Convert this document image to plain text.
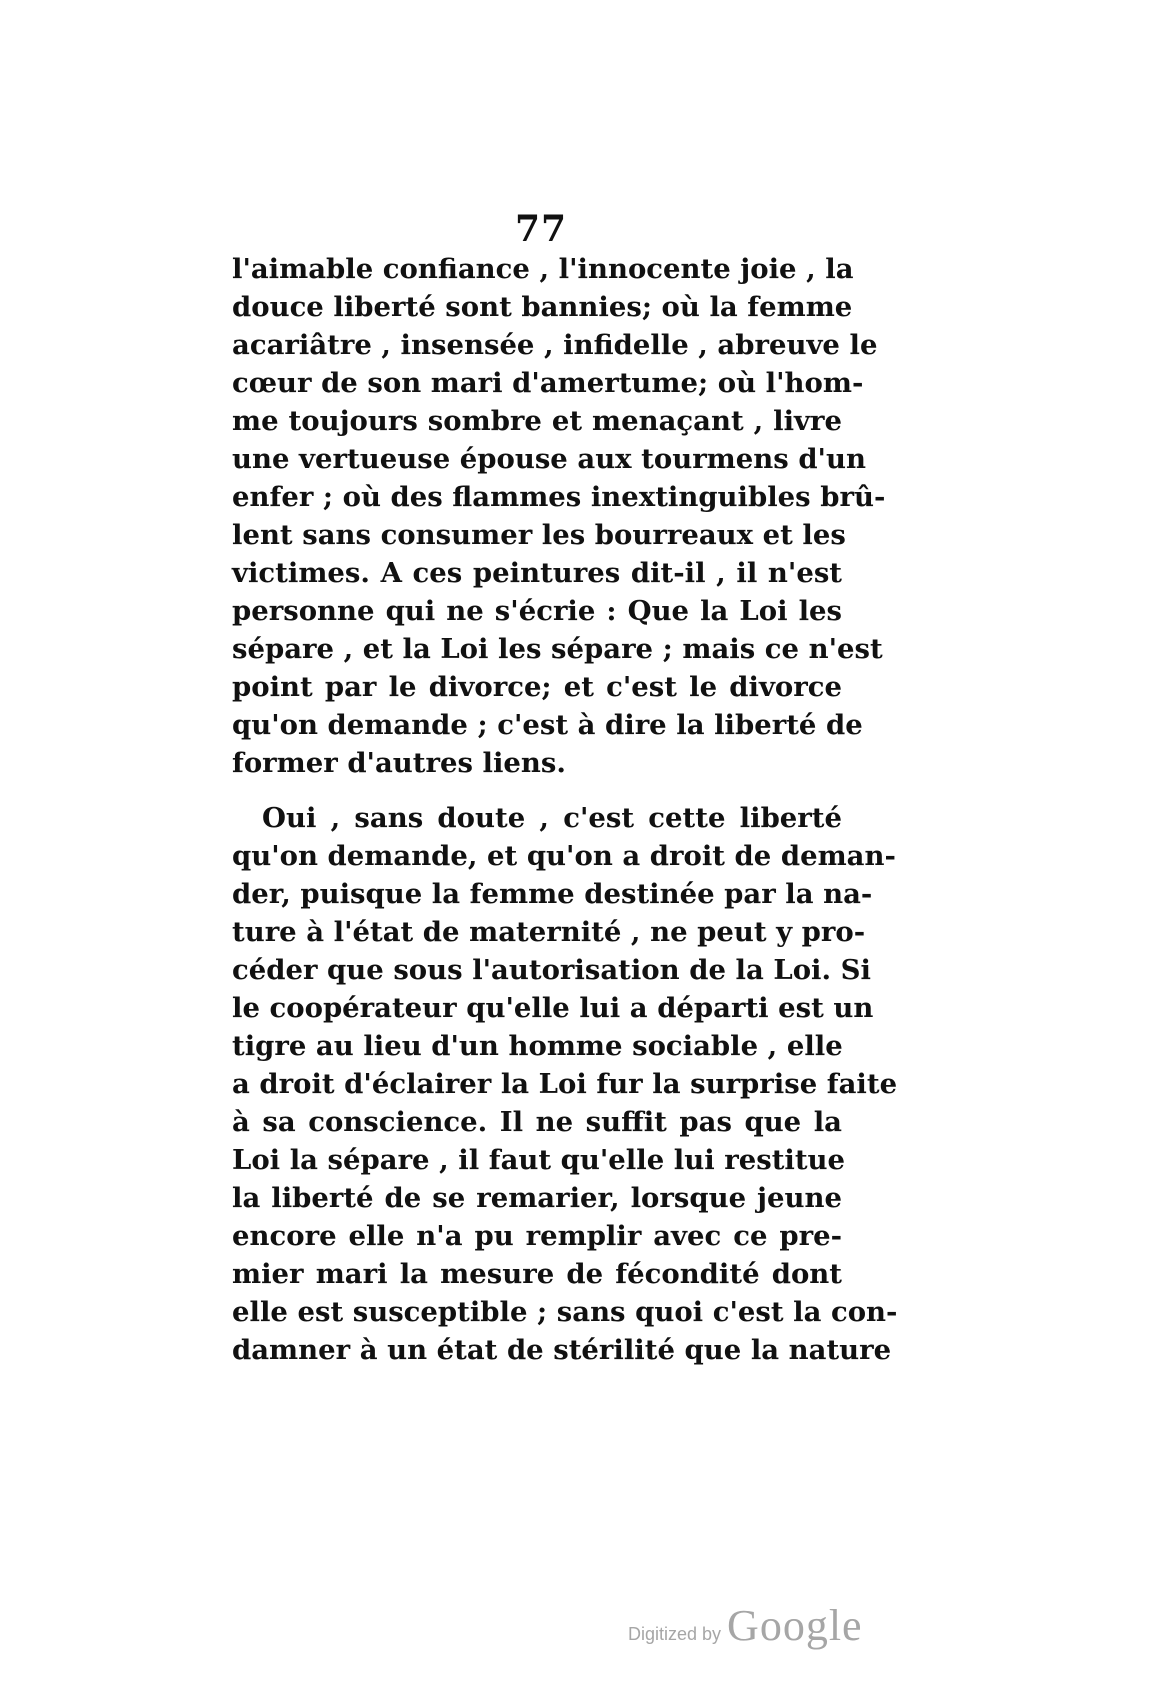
77
l'aimable confiance , l'innocente joie , la
douce liberté sont bannies; où la femme
acariâtre , insensée , infidelle , abreuve le
cœur de son mari d'amertume; où l'hom-
me toujours sombre et menaçant , livre
une vertueuse épouse aux tourmens d'un
enfer ; où des flammes inextinguibles brû-
lent sans consumer les bourreaux et les
victimes. A ces peintures dit-il , il n'est
personne qui ne s'écrie : Que la Loi les
sépare , et la Loi les sépare ; mais ce n'est
point par le divorce; et c'est le divorce
qu'on demande ; c'est à dire la liberté de
former d'autres liens.
Oui , sans doute , c'est cette liberté
qu'on demande, et qu'on a droit de deman-
der, puisque la femme destinée par la na-
ture à l'état de maternité , ne peut y pro-
céder que sous l'autorisation de la Loi. Si
le coopérateur qu'elle lui a départi est un
tigre au lieu d'un homme sociable , elle
a droit d'éclairer la Loi fur la surprise faite
à sa conscience. Il ne suffit pas que la
Loi la sépare , il faut qu'elle lui restitue
la liberté de se remarier, lorsque jeune
encore elle n'a pu remplir avec ce pre-
mier mari la mesure de fécondité dont
elle est susceptible ; sans quoi c'est la con-
damner à un état de stérilité que la nature
Digitized by Google
